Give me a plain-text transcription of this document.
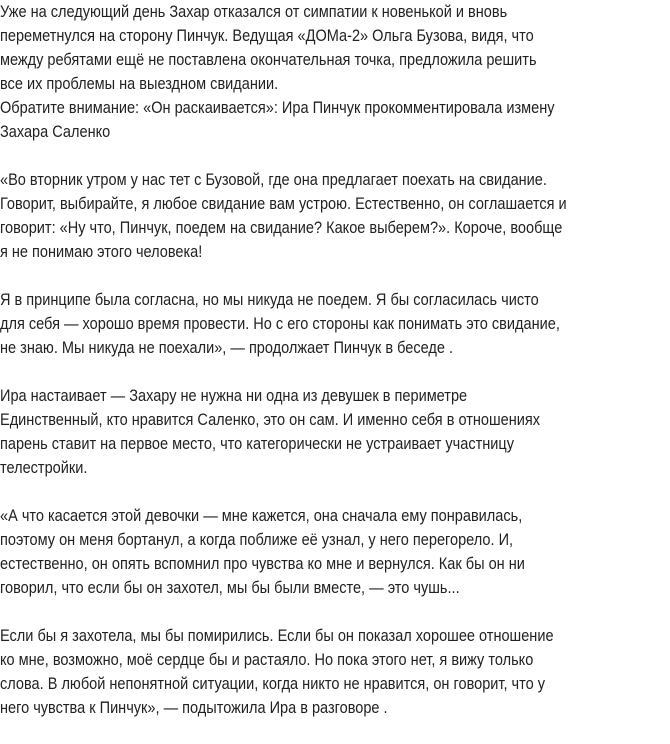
Уже на следующий день Захар отказался от симпатии к новенькой и вновь
переметнулся на сторону Пинчук. Ведущая «ДОМа-2» Ольга Бузова, видя, что
между ребятами ещё не поставлена окончательная точка, предложила решить
все их проблемы на выездном свидании.
Обратите внимание: «Он раскаивается»: Ира Пинчук прокомментировала измену
Захара Саленко
«Во вторник утром у нас тет с Бузовой, где она предлагает поехать на свидание.
Говорит, выбирайте, я любое свидание вам устрою. Естественно, он соглашается и
говорит: «Ну что, Пинчук, поедем на свидание? Какое выберем?». Короче, вообще
я не понимаю этого человека!
Я в принципе была согласна, но мы никуда не поедем. Я бы согласилась чисто
для себя — хорошо время провести. Но с его стороны как понимать это свидание,
не знаю. Мы никуда не поехали», — продолжает Пинчук в беседе .
Ира настаивает — Захару не нужна ни одна из девушек в периметре
Единственный, кто нравится Саленко, это он сам. И именно себя в отношениях
парень ставит на первое место, что категорически не устраивает участницу
телестройки.
«А что касается этой девочки — мне кажется, она сначала ему понравилась,
поэтому он меня бортанул, а когда поближе её узнал, у него перегорело. И,
естественно, он опять вспомнил про чувства ко мне и вернулся. Как бы он ни
говорил, что если бы он захотел, мы бы были вместе, — это чушь...
Если бы я захотела, мы бы помирились. Если бы он показал хорошее отношение
ко мне, возможно, моё сердце бы и растаяло. Но пока этого нет, я вижу только
слова. В любой непонятной ситуации, когда никто не нравится, он говорит, что у
него чувства к Пинчук», — подытожила Ира в разговоре .
